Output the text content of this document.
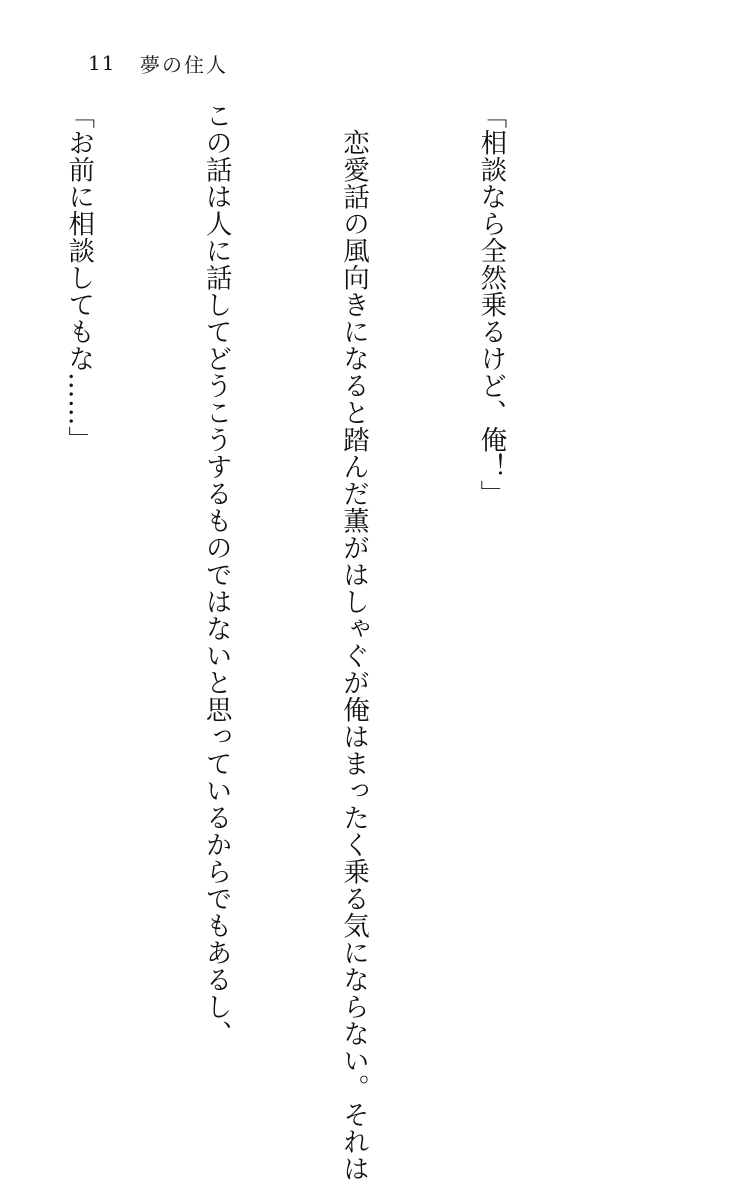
11	夢の住人

「相談なら全然乗るけど、俺！」

　恋愛話の風向きになると踏んだ薫がはしゃぐが俺はまったく乗る気にならない。それは

この話は人に話してどうこうするものではないと思っているからでもあるし、

「お前に相談してもな……」
